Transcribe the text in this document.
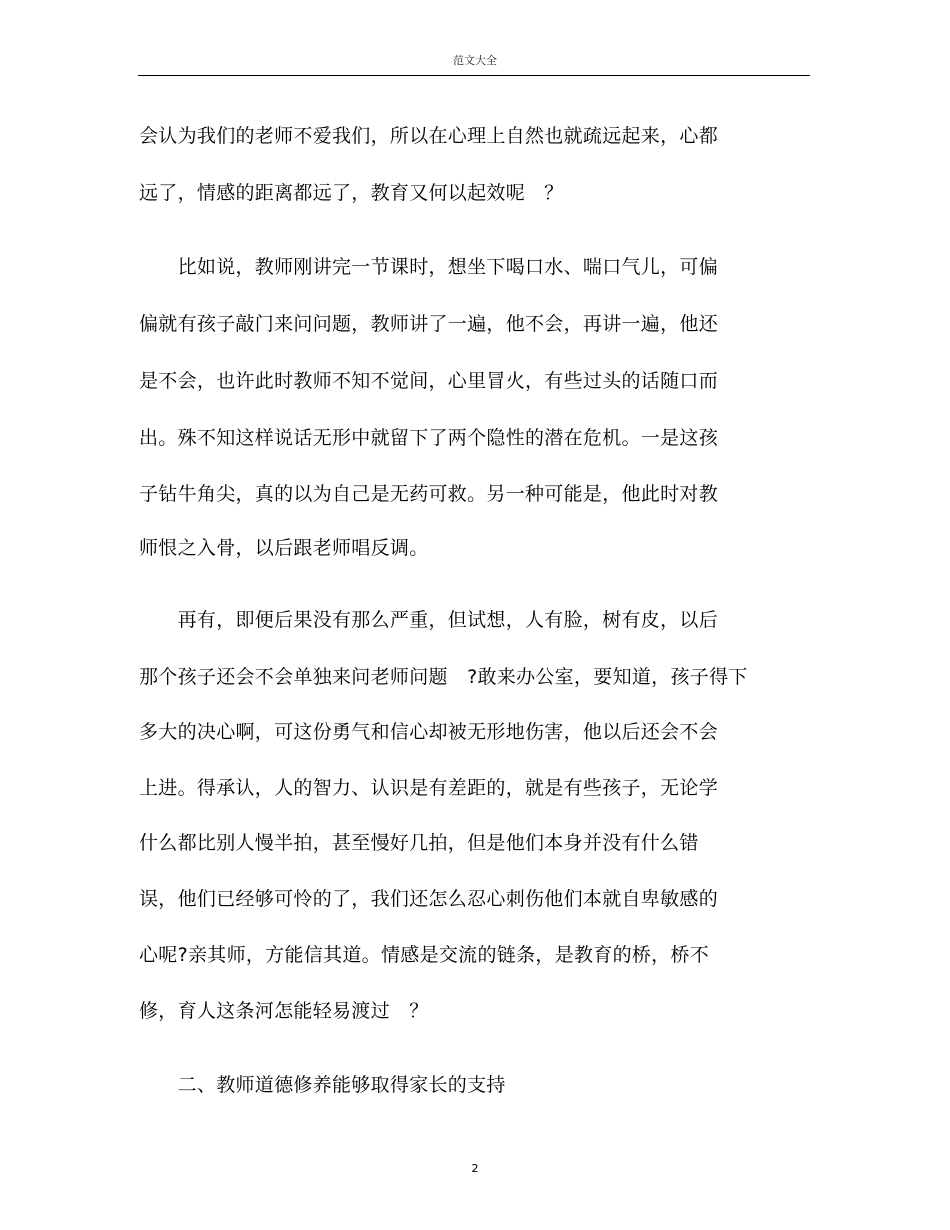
范文大全
会认为我们的老师不爱我们，所以在心理上自然也就疏远起来，心都
远了，情感的距离都远了，教育又何以起效呢　？
　　比如说，教师刚讲完一节课时，想坐下喝口水、喘口气儿，可偏
偏就有孩子敲门来问问题，教师讲了一遍，他不会，再讲一遍，他还
是不会，也许此时教师不知不觉间，心里冒火，有些过头的话随口而
出。殊不知这样说话无形中就留下了两个隐性的潜在危机。一是这孩
子钻牛角尖，真的以为自己是无药可救。另一种可能是，他此时对教
师恨之入骨，以后跟老师唱反调。
　　再有，即便后果没有那么严重，但试想，人有脸，树有皮，以后
那个孩子还会不会单独来问老师问题　?敢来办公室，要知道，孩子得下
多大的决心啊，可这份勇气和信心却被无形地伤害，他以后还会不会
上进。得承认，人的智力、认识是有差距的，就是有些孩子，无论学
什么都比别人慢半拍，甚至慢好几拍，但是他们本身并没有什么错
误，他们已经够可怜的了，我们还怎么忍心刺伤他们本就自卑敏感的
心呢?亲其师，方能信其道。情感是交流的链条，是教育的桥，桥不
修，育人这条河怎能轻易渡过　？
　　二、教师道德修养能够取得家长的支持
2
